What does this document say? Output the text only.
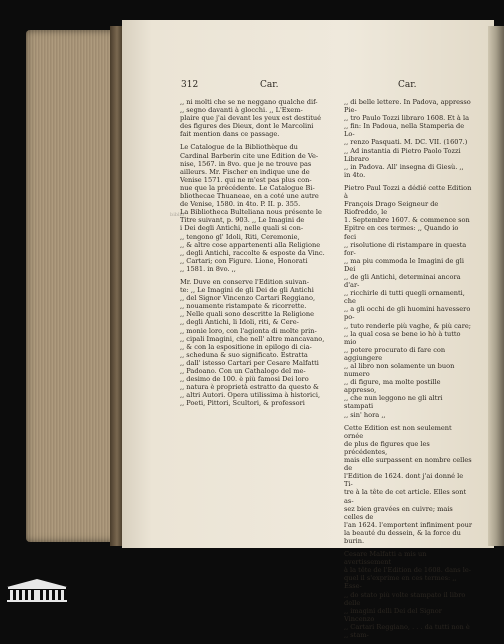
312	Car.	Car.
biblio

,, ni molti che se ne neggano qualche dif-
,, segno davanti à glocchi. ,, L'Exem-
plaire que j'ai devant les yeux est destitué
des figures des Dieux, dont le Marcolini
fait mention dans ce passage.

Le Catalogue de la Bibliothèque du
Cardinal Barberin cite une Edition de Ve-
nise, 1567. in 8vo. que je ne trouve pas
ailleurs. Mr. Fischer en indique une de
Venise 1571. qui ne m'est pas plus con-
nue que la précédente. Le Catalogue Bi-
bliothecae Thuaneae, en a coté une autre
de Venise, 1580. in 4to. P. II. p. 355.
La Bibliotheca Bulteliana nous présente le
Titre suivant, p. 903. ,, Le Imagini de
i Dei degli Antichi, nelle quali si con-
,, tengono gl' Idoli, Riti, Ceremonie,
,, & altre cose appartenenti alla Religione
,, degli Antichi, raccolte & esposte da Vinc.
,, Cartari; con Figure. Lione, Honorati
,, 1581. in 8vo. ,,

Mr. Duve en conserve l'Edition suivan-
te: ,, Le Imagini de gli Dei de gli Antichi
,, del Signor Vincenzo Cartari Reggiano,
,, nouamente ristampate & ricorrette.
,, Nelle quali sono descritte la Religione
,, degli Antichi, li Idoli, riti, & Cere-
,, monie loro, con l'agionta di molte prin-
,, cipali Imagini, che nell' altre mancavano,
,, & con la espositione in epilogo di cia-
,, scheduna & suo significato. Estratta
,, dall' istesso Cartari per Cesare Malfatti
,, Padoano. Con un Cathalogo del me-
,, desimo de 100. è più famosi Dei loro
,, natura è proprietà estratto da questo &
,, altri Autori. Opera utilissima à historici,
,, Poeti, Pittori, Scultori, & professori

,, di belle lettere. In Padova, appresso Pie-
,, tro Paulo Tozzi libraro 1608. Et à la
,, fin: In Padoua, nella Stamperia de Lo-
,, renzo Pasquati. M. DC. VII. (1607.)
,, Ad instantia di Pietro Paolo Tozzi Libraro
,, in Padova. All' insegna di Giesù. ,, in 4to.

Pietro Paul Tozzi a dédié cette Edition à
François Drago Seigneur de Riofreddo, le
1. Septembre 1607. & commence son
Epitre en ces termes: ,, Quando io feci
,, risolutione di ristampare in questa for-
,, ma piu commoda le Imagini de gli Dei
,, de gli Antichi, determinai ancora d'ar-
,, ricchirle di tutti quegli ornamenti, che
,, a gli occhi de gli huomini havessero po-
,, tuto renderle più vaghe, & più care;
,, la qual cosa se bene io hò à tutto mio
,, potere procurato di fare con aggiungere
,, al libro non solamente un buon numero
,, di figure, ma molte postille appresso,
,, che nun leggono ne gli altri stampati
,, sin' hora ,,

Cette Edition est non seulement ornée
de plus de figures que les précédentes,
mais elle surpassent en nombre celles de
l'Edition de 1624. dont j'ai donné le Ti-
tre à la tête de cet article. Elles sont as-
sez bien gravées en cuivre; mais celles de
l'an 1624. l'emportent infiniment pour
la beauté du dessein, & la force du burin.

Cesare Malfatti a mis un avertissement
à la tête de l'Edition de 1608. dans le-
quel il s'exprime en ces termes: ,, Esse-
,, do stato più volte stampato il libro delle
,, imagini delli Dei del Signor Vincenzo
,, Cartari Reggiano, . . . da tutti non è
,, stam-
